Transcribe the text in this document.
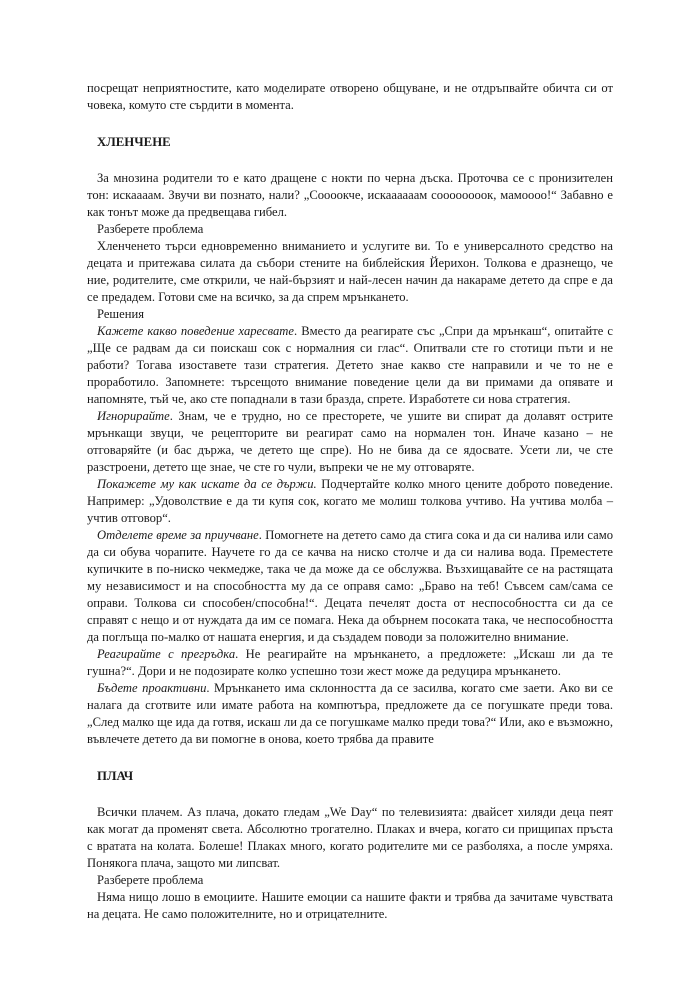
посрещат неприятностите, като моделирате отворено общуване, и не отдръпвайте обичта си от човека, комуто сте сърдити в момента.

ХЛЕНЧЕНЕ

За мнозина родители то е като дращене с нокти по черна дъска. Проточва се с пронизителен тон: искаааам. Звучи ви познато, нали? „Соооокче, искаааааам соооооооок, мамоооо!“ Забавно е как тонът може да предвещава гибел.

Разберете проблема

Хленченето търси едновременно вниманието и услугите ви. То е универсалното средство на децата и притежава силата да събори стените на библейския Йерихон. Толкова е дразнещо, че ние, родителите, сме открили, че най-бързият и най-лесен начин да накараме детето да спре е да се предадем. Готови сме на всичко, за да спрем мрънкането.

Решения

Кажете какво поведение харесвате. Вместо да реагирате със „Спри да мрънкаш“, опитайте с „Ще се радвам да си поискаш сок с нормалния си глас“. Опитвали сте го стотици пъти и не работи? Тогава изоставете тази стратегия. Детето знае какво сте направили и че то не е проработило. Запомнете: търсещото внимание поведение цели да ви примами да опявате и напомняте, тъй че, ако сте попаднали в тази бразда, спрете. Изработете си нова стратегия.

Игнорирайте. Знам, че е трудно, но се престорете, че ушите ви спират да долавят острите мрънкащи звуци, че рецепторите ви реагират само на нормален тон. Иначе казано – не отговаряйте (и бас държа, че детето ще спре). Но не бива да се ядосвате. Усети ли, че сте разстроени, детето ще знае, че сте го чули, въпреки че не му отговаряте.

Покажете му как искате да се държи. Подчертайте колко много цените доброто поведение. Например: „Удоволствие е да ти купя сок, когато ме молиш толкова учтиво. На учтива молба – учтив отговор“.

Отделете време за приучване. Помогнете на детето само да стига сока и да си налива или само да си обува чорапите. Научете го да се качва на ниско столче и да си налива вода. Преместете купичките в по-ниско чекмедже, така че да може да се обслужва. Възхищавайте се на растящата му независимост и на способността му да се оправя само: „Браво на теб! Съвсем сам/сама се оправи. Толкова си способен/способна!“. Децата печелят доста от неспособността си да се справят с нещо и от нуждата да им се помага. Нека да обърнем посоката така, че неспособността да поглъща по-малко от нашата енергия, и да създадем поводи за положително внимание.

Реагирайте с прегръдка. Не реагирайте на мрънкането, а предложете: „Искаш ли да те гушна?“. Дори и не подозирате колко успешно този жест може да редуцира мрънкането.

Бъдете проактивни. Мрънкането има склонността да се засилва, когато сме заети. Ако ви се налага да сготвите или имате работа на компютъра, предложете да се погушкате преди това. „След малко ще ида да готвя, искаш ли да се погушкаме малко преди това?“ Или, ако е възможно, въвлечете детето да ви помогне в онова, което трябва да правите

ПЛАЧ

Всички плачем. Аз плача, докато гледам „We Day“ по телевизията: двайсет хиляди деца пеят как могат да променят света. Абсолютно трогателно. Плаках и вчера, когато си прищипах пръста с вратата на колата. Болеше! Плаках много, когато родителите ми се разболяха, а после умряха. Понякога плача, защото ми липсват.

Разберете проблема

Няма нищо лошо в емоциите. Нашите емоции са нашите факти и трябва да зачитаме чувствата на децата. Не само положителните, но и отрицателните.
